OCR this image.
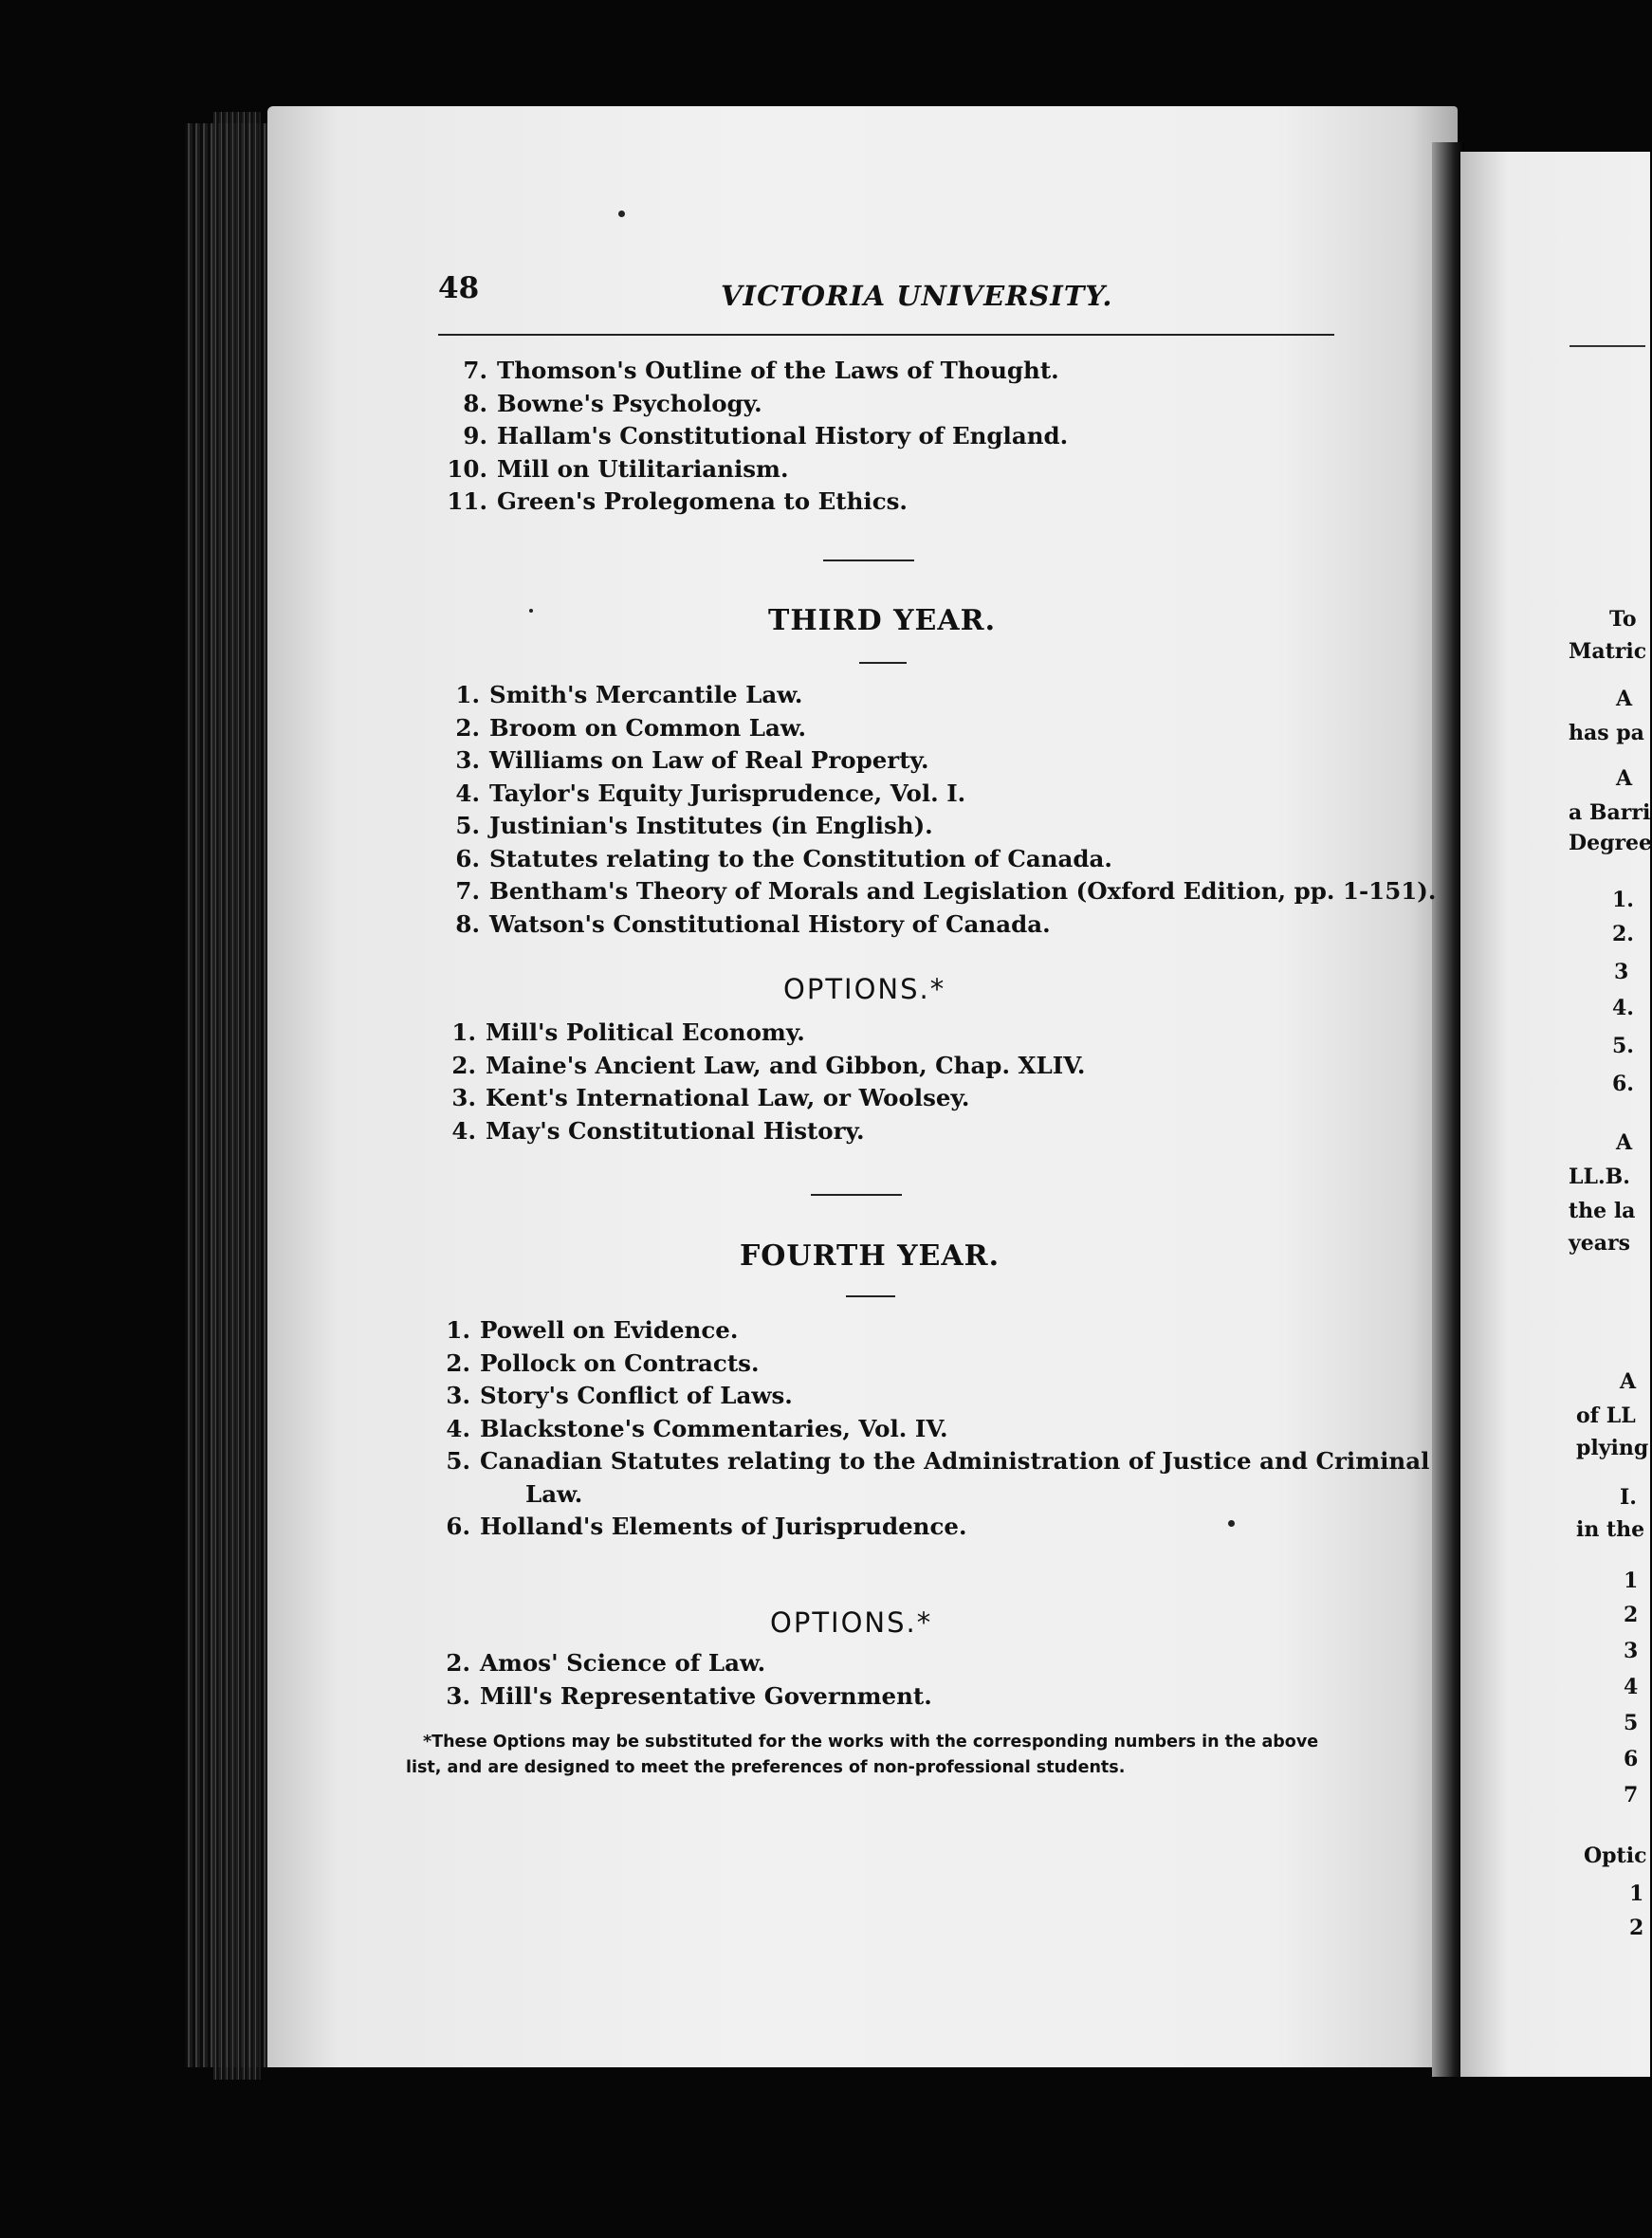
48	VICTORIA UNIVERSITY.
7. Thomson's Outline of the Laws of Thought.
8. Bowne's Psychology.
9. Hallam's Constitutional History of England.
10. Mill on Utilitarianism.
11. Green's Prolegomena to Ethics.
THIRD YEAR.
1. Smith's Mercantile Law.
2. Broom on Common Law.
3. Williams on Law of Real Property.
4. Taylor's Equity Jurisprudence, Vol. I.
5. Justinian's Institutes (in English).
6. Statutes relating to the Constitution of Canada.
7. Bentham's Theory of Morals and Legislation (Oxford Edition, pp. 1-151).
8. Watson's Constitutional History of Canada.
OPTIONS.*
1. Mill's Political Economy.
2. Maine's Ancient Law, and Gibbon, Chap. XLIV.
3. Kent's International Law, or Woolsey.
4. May's Constitutional History.
FOURTH YEAR.
1. Powell on Evidence.
2. Pollock on Contracts.
3. Story's Conflict of Laws.
4. Blackstone's Commentaries, Vol. IV.
5. Canadian Statutes relating to the Administration of Justice and Criminal
Law.
6. Holland's Elements of Jurisprudence.
OPTIONS.*
2. Amos' Science of Law.
3. Mill's Representative Government.
*These Options may be substituted for the works with the corresponding numbers in the above list, and are designed to meet the preferences of non-professional students.
To
Matric
A
has pa
A
a Barri
Degree
1.
2.
3
4.
5.
6.
A
LL.B.
the la
years
A
of LL
plying
I.
in the
1
2
3
4
5
6
7
Optic
1
2
